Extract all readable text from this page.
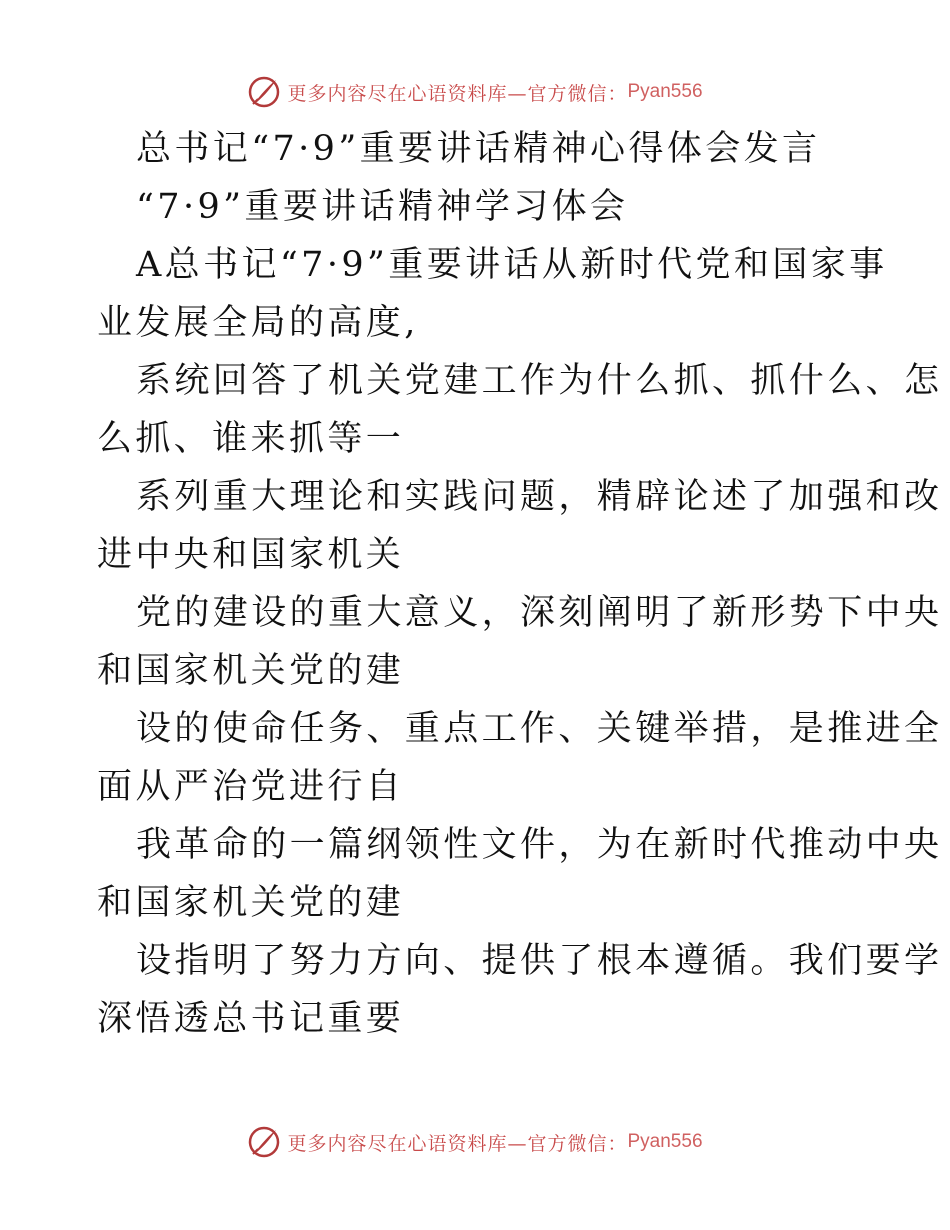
更多内容尽在心语资料库—官方微信： Pyan556
总书记“7·9”重要讲话精神心得体会发言
“7·9”重要讲话精神学习体会
A总书记“7·9”重要讲话从新时代党和国家事
业发展全局的高度,
系统回答了机关党建工作为什么抓、抓什么、怎
么抓、谁来抓等一
系列重大理论和实践问题，精辟论述了加强和改
进中央和国家机关
党的建设的重大意义，深刻阐明了新形势下中央
和国家机关党的建
设的使命任务、重点工作、关键举措，是推进全
面从严治党进行自
我革命的一篇纲领性文件，为在新时代推动中央
和国家机关党的建
设指明了努力方向、提供了根本遵循。我们要学
深悟透总书记重要
更多内容尽在心语资料库—官方微信： Pyan556
